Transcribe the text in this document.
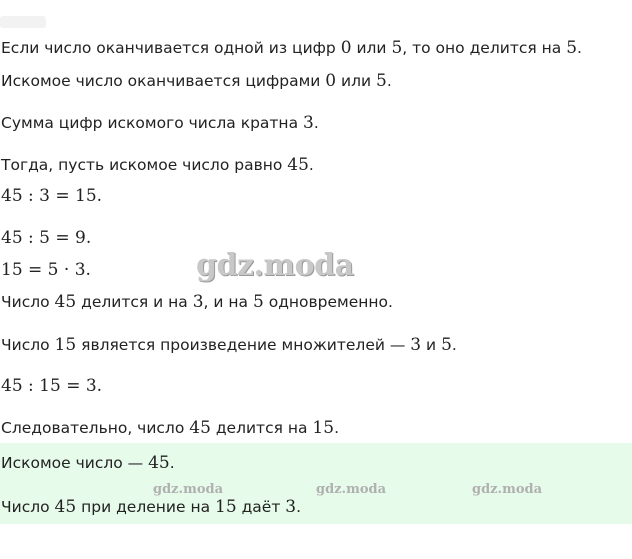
Если число оканчивается одной из цифр 0 или 5, то оно делится на 5.
Искомое число оканчивается цифрами 0 или 5.
Сумма цифр искомого числа кратна 3.
Тогда, пусть искомое число равно 45.
45 : 3 = 15.
45 : 5 = 9.
15 = 5 · 3.
Число 45 делится и на 3, и на 5 одновременно.
Число 15 является произведение множителей — 3 и 5.
45 : 15 = 3.
Следовательно, число 45 делится на 15.
Искомое число — 45.
Число 45 при деление на 15 даёт 3.
gdz.moda
gdz.moda	gdz.moda	gdz.moda
